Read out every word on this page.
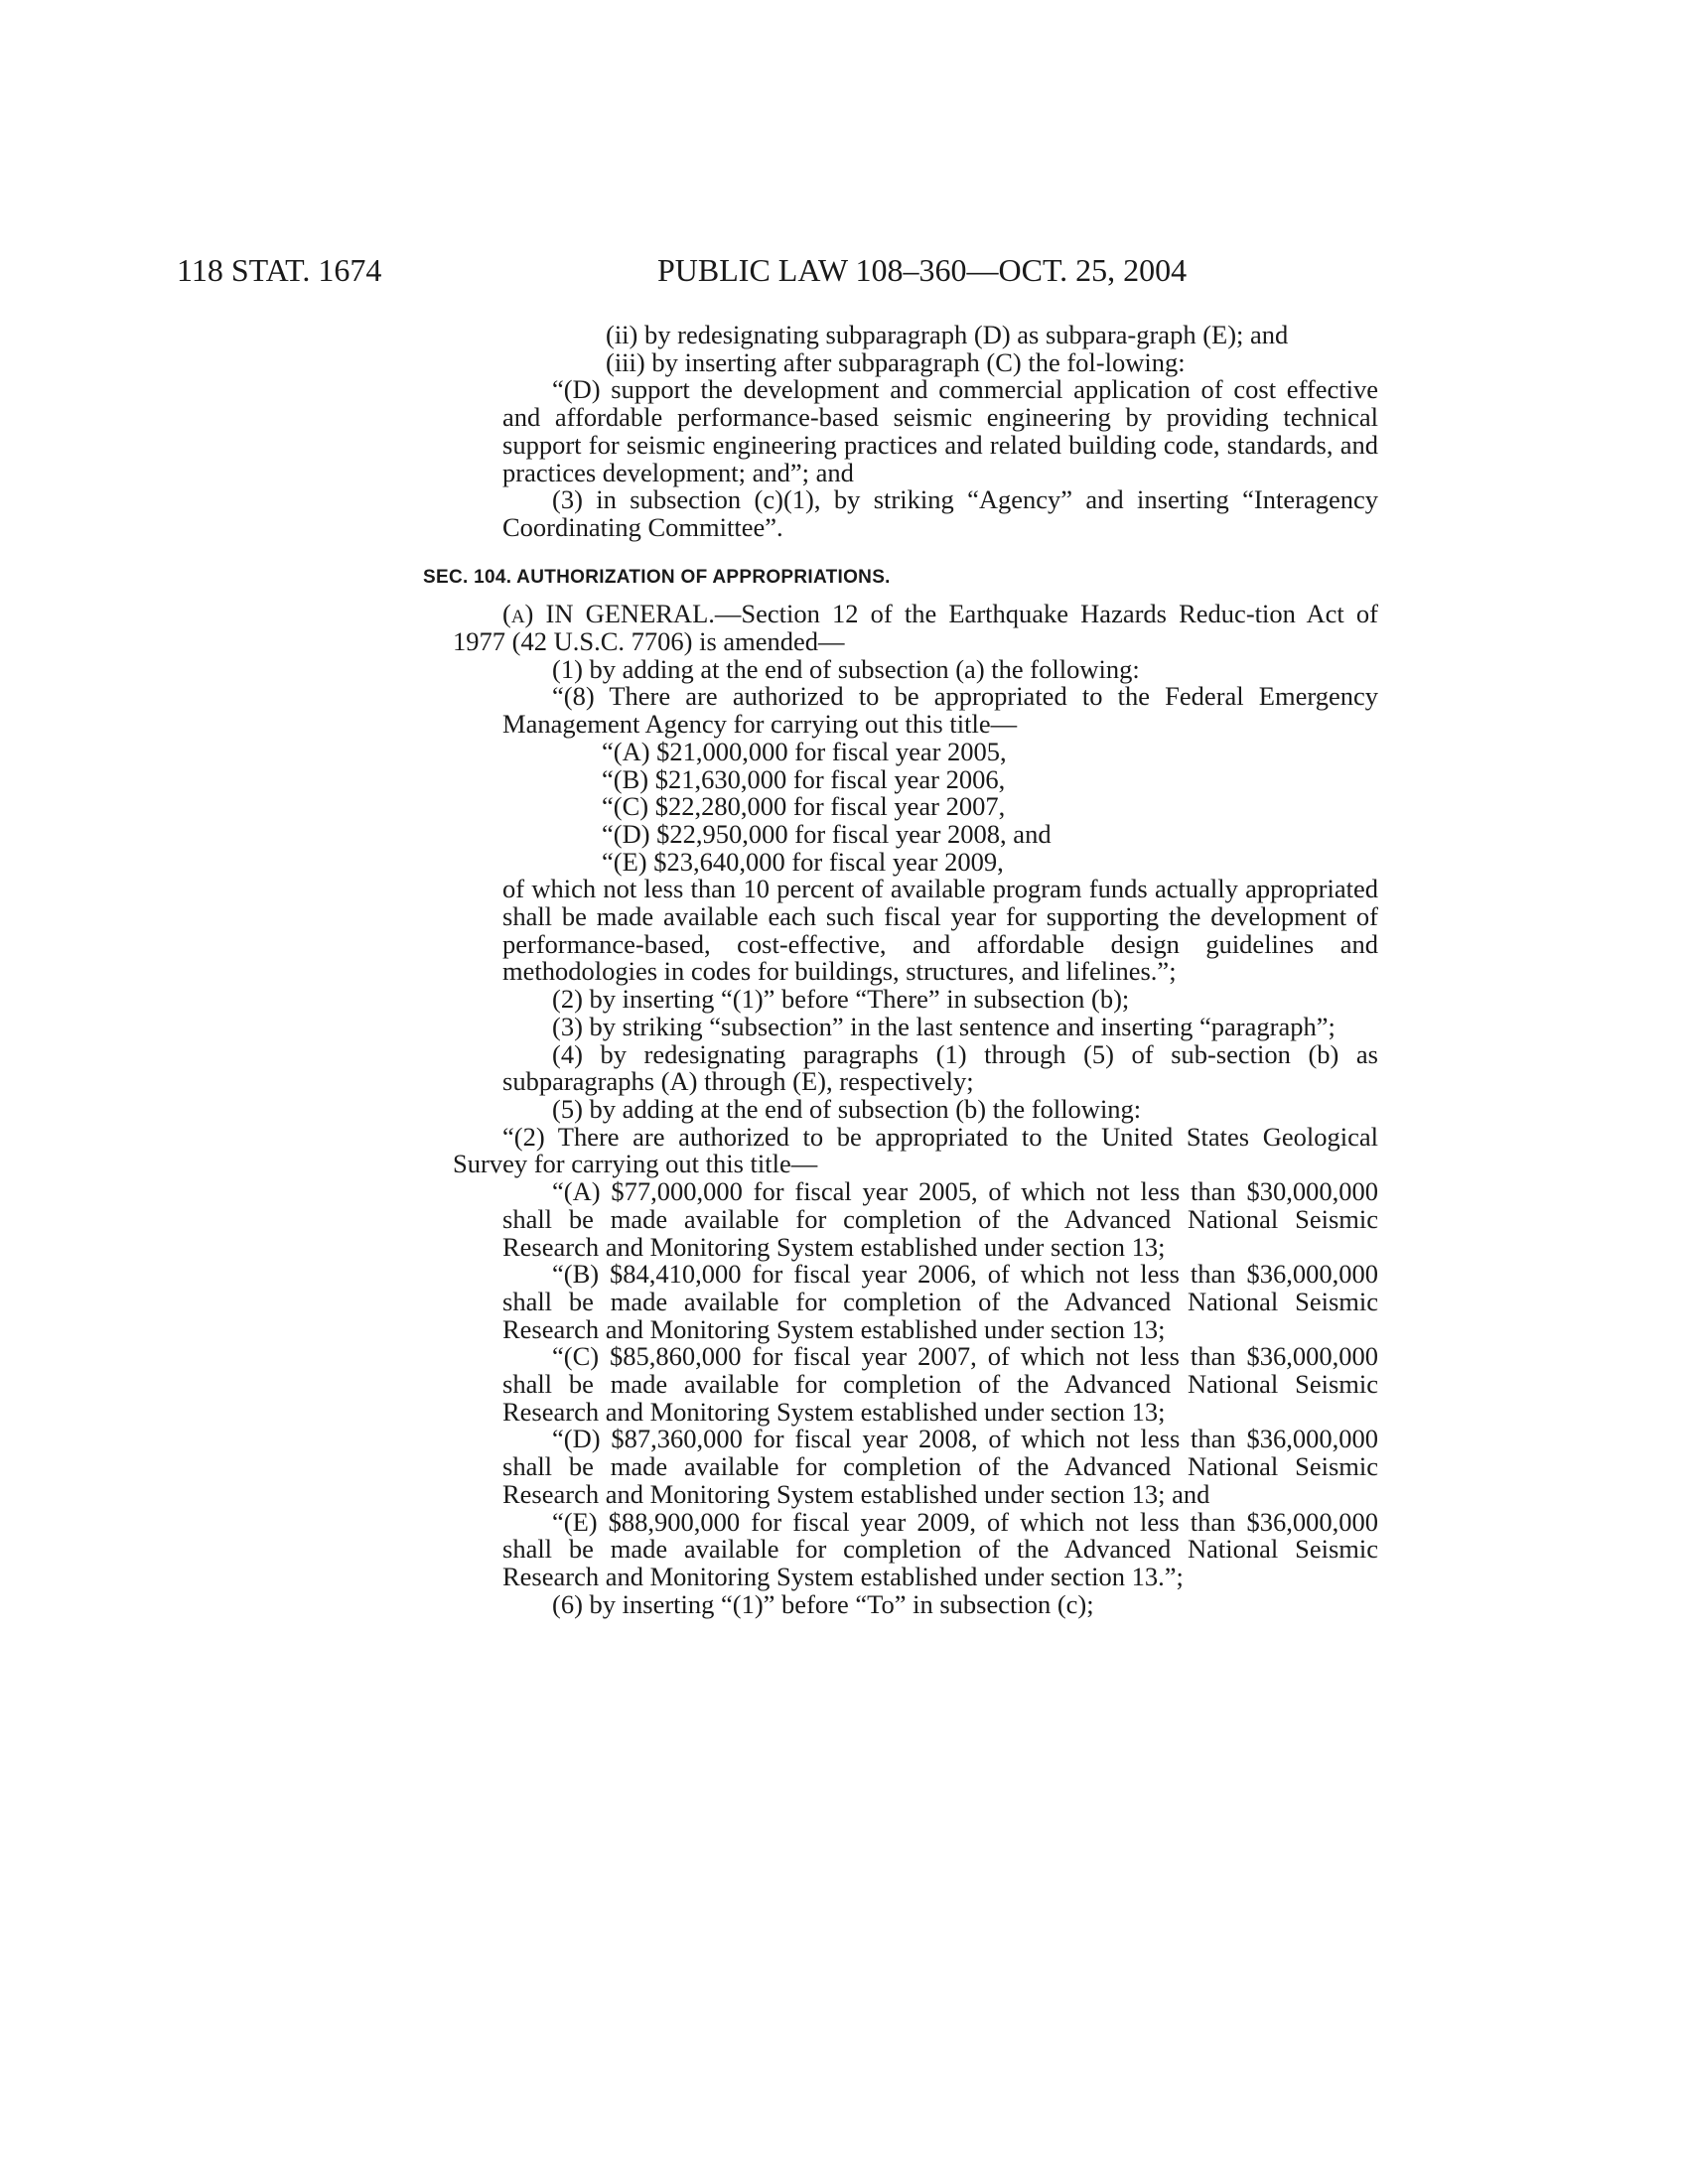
118 STAT. 1674	PUBLIC LAW 108–360—OCT. 25, 2004

(ii) by redesignating subparagraph (D) as subpara-graph (E); and

(iii) by inserting after subparagraph (C) the fol-lowing:

“(D) support the development and commercial application of cost effective and affordable performance-based seismic engineering by providing technical support for seismic engineering practices and related building code, standards, and practices development; and”; and

(3) in subsection (c)(1), by striking “Agency” and inserting “Interagency Coordinating Committee”.

SEC. 104. AUTHORIZATION OF APPROPRIATIONS.

(a) IN GENERAL.—Section 12 of the Earthquake Hazards Reduc-tion Act of 1977 (42 U.S.C. 7706) is amended—

(1) by adding at the end of subsection (a) the following:

“(8) There are authorized to be appropriated to the Federal Emergency Management Agency for carrying out this title—

“(A) $21,000,000 for fiscal year 2005,

“(B) $21,630,000 for fiscal year 2006,

“(C) $22,280,000 for fiscal year 2007,

“(D) $22,950,000 for fiscal year 2008, and

“(E) $23,640,000 for fiscal year 2009,

of which not less than 10 percent of available program funds actually appropriated shall be made available each such fiscal year for supporting the development of performance-based, cost-effective, and affordable design guidelines and methodologies in codes for buildings, structures, and lifelines.”;

(2) by inserting “(1)” before “There” in subsection (b);

(3) by striking “subsection” in the last sentence and inserting “paragraph”;

(4) by redesignating paragraphs (1) through (5) of sub-section (b) as subparagraphs (A) through (E), respectively;

(5) by adding at the end of subsection (b) the following:

“(2) There are authorized to be appropriated to the United States Geological Survey for carrying out this title—

“(A) $77,000,000 for fiscal year 2005, of which not less than $30,000,000 shall be made available for completion of the Advanced National Seismic Research and Monitoring System established under section 13;

“(B) $84,410,000 for fiscal year 2006, of which not less than $36,000,000 shall be made available for completion of the Advanced National Seismic Research and Monitoring System established under section 13;

“(C) $85,860,000 for fiscal year 2007, of which not less than $36,000,000 shall be made available for completion of the Advanced National Seismic Research and Monitoring System established under section 13;

“(D) $87,360,000 for fiscal year 2008, of which not less than $36,000,000 shall be made available for completion of the Advanced National Seismic Research and Monitoring System established under section 13; and

“(E) $88,900,000 for fiscal year 2009, of which not less than $36,000,000 shall be made available for completion of the Advanced National Seismic Research and Monitoring System established under section 13.”;

(6) by inserting “(1)” before “To” in subsection (c);
